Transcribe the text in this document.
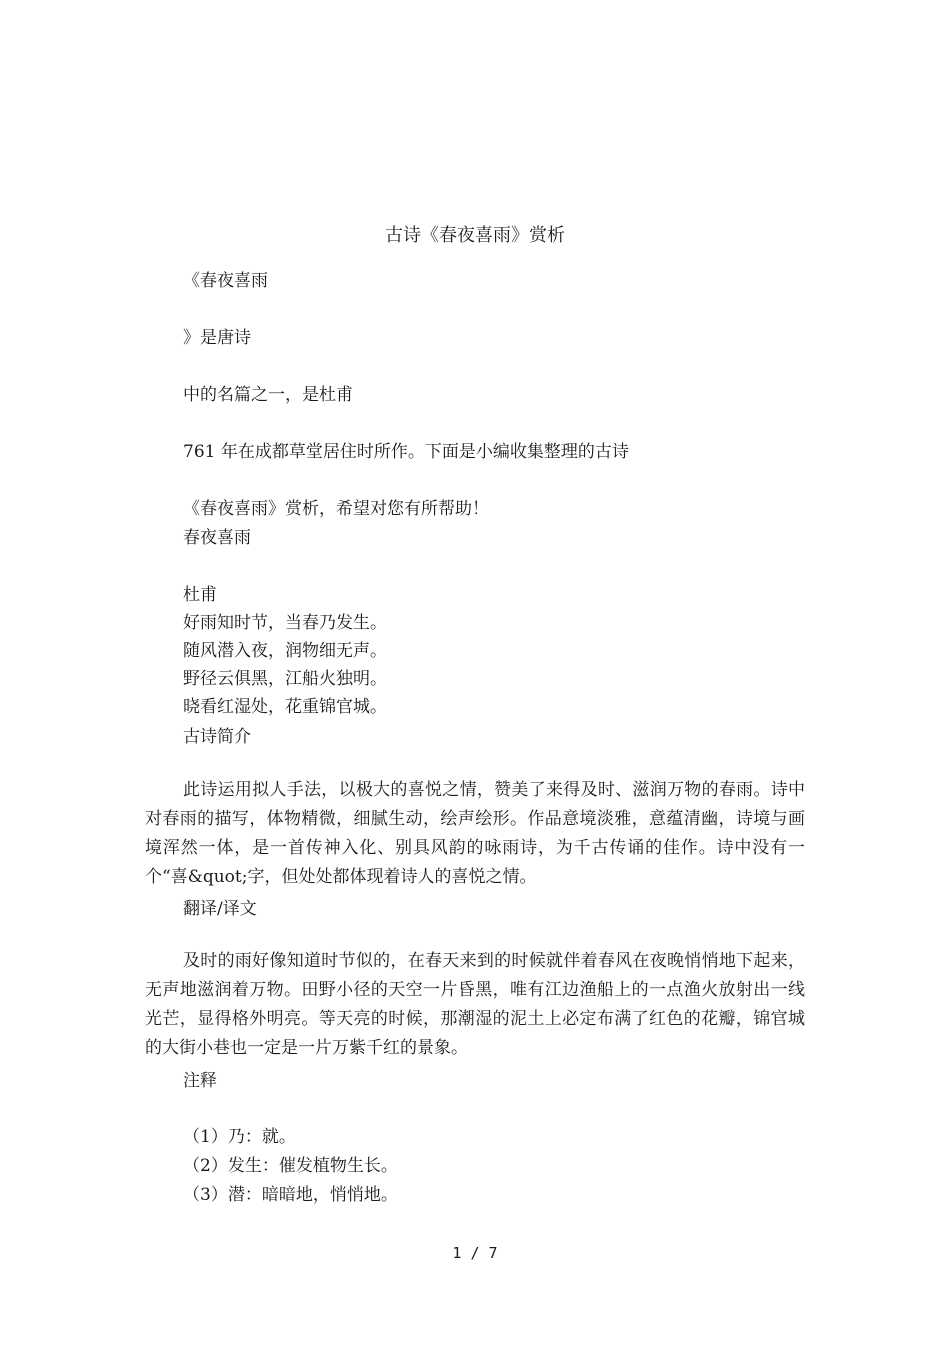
古诗《春夜喜雨》赏析
《春夜喜雨
》是唐诗
中的名篇之一，是杜甫
761 年在成都草堂居住时所作。下面是小编收集整理的古诗
《春夜喜雨》赏析，希望对您有所帮助！
春夜喜雨
杜甫
好雨知时节，当春乃发生。
随风潜入夜，润物细无声。
野径云俱黑，江船火独明。
晓看红湿处，花重锦官城。
古诗简介
此诗运用拟人手法，以极大的喜悦之情，赞美了来得及时、滋润万物的春雨。诗中对春雨的描写，体物精微，细腻生动，绘声绘形。作品意境淡雅，意蕴清幽，诗境与画境浑然一体，是一首传神入化、别具风韵的咏雨诗，为千古传诵的佳作。诗中没有一个“喜&quot;字，但处处都体现着诗人的喜悦之情。
翻译/译文
及时的雨好像知道时节似的，在春天来到的时候就伴着春风在夜晚悄悄地下起来，无声地滋润着万物。田野小径的天空一片昏黑，唯有江边渔船上的一点渔火放射出一线光芒，显得格外明亮。等天亮的时候，那潮湿的泥土上必定布满了红色的花瓣，锦官城的大街小巷也一定是一片万紫千红的景象。
注释
（1）乃：就。
（2）发生：催发植物生长。
（3）潜：暗暗地，悄悄地。
1 / 7
